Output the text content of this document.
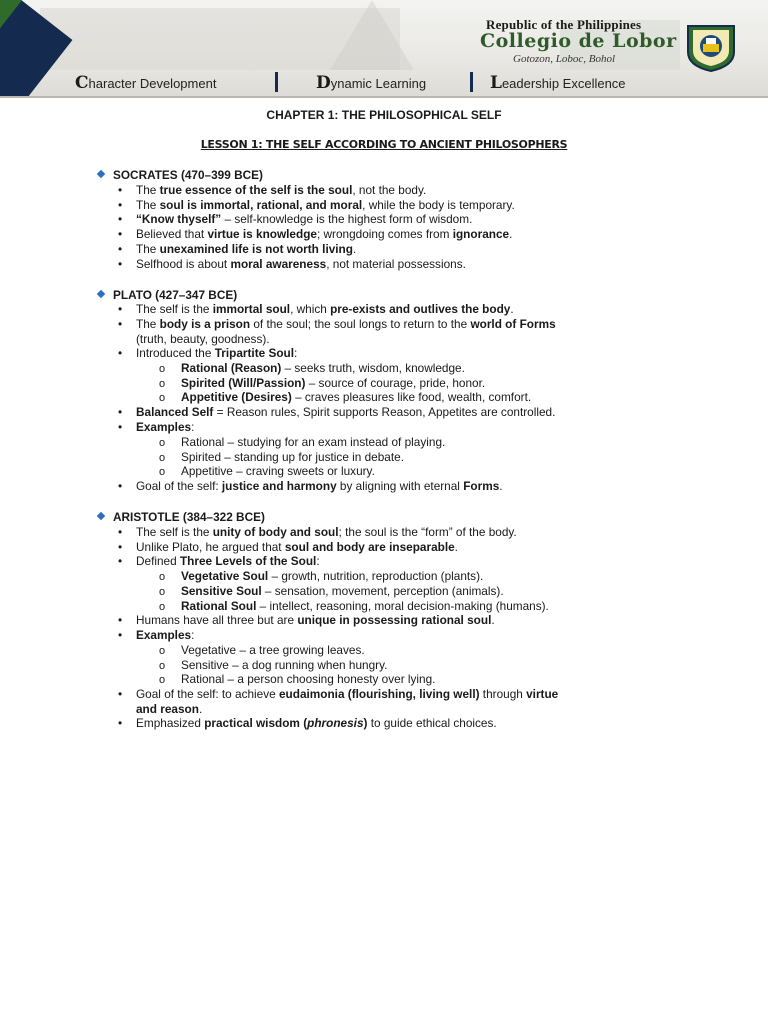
Republic of the Philippines
Collegio de Lobor
Gotozon, Loboc, Bohol
Character Development	Dynamic Learning	Leadership Excellence
CHAPTER 1: THE PHILOSOPHICAL SELF
LESSON 1: THE SELF ACCORDING TO ANCIENT PHILOSOPHERS
SOCRATES (470–399 BCE)
• The true essence of the self is the soul, not the body.
• The soul is immortal, rational, and moral, while the body is temporary.
• “Know thyself” – self-knowledge is the highest form of wisdom.
• Believed that virtue is knowledge; wrongdoing comes from ignorance.
• The unexamined life is not worth living.
• Selfhood is about moral awareness, not material possessions.
PLATO (427–347 BCE)
• The self is the immortal soul, which pre-exists and outlives the body.
• The body is a prison of the soul; the soul longs to return to the world of Forms
(truth, beauty, goodness).
• Introduced the Tripartite Soul:
o Rational (Reason) – seeks truth, wisdom, knowledge.
o Spirited (Will/Passion) – source of courage, pride, honor.
o Appetitive (Desires) – craves pleasures like food, wealth, comfort.
• Balanced Self = Reason rules, Spirit supports Reason, Appetites are controlled.
• Examples:
o Rational – studying for an exam instead of playing.
o Spirited – standing up for justice in debate.
o Appetitive – craving sweets or luxury.
• Goal of the self: justice and harmony by aligning with eternal Forms.
ARISTOTLE (384–322 BCE)
• The self is the unity of body and soul; the soul is the “form” of the body.
• Unlike Plato, he argued that soul and body are inseparable.
• Defined Three Levels of the Soul:
o Vegetative Soul – growth, nutrition, reproduction (plants).
o Sensitive Soul – sensation, movement, perception (animals).
o Rational Soul – intellect, reasoning, moral decision-making (humans).
• Humans have all three but are unique in possessing rational soul.
• Examples:
o Vegetative – a tree growing leaves.
o Sensitive – a dog running when hungry.
o Rational – a person choosing honesty over lying.
• Goal of the self: to achieve eudaimonia (flourishing, living well) through virtue
and reason.
• Emphasized practical wisdom (phronesis) to guide ethical choices.
